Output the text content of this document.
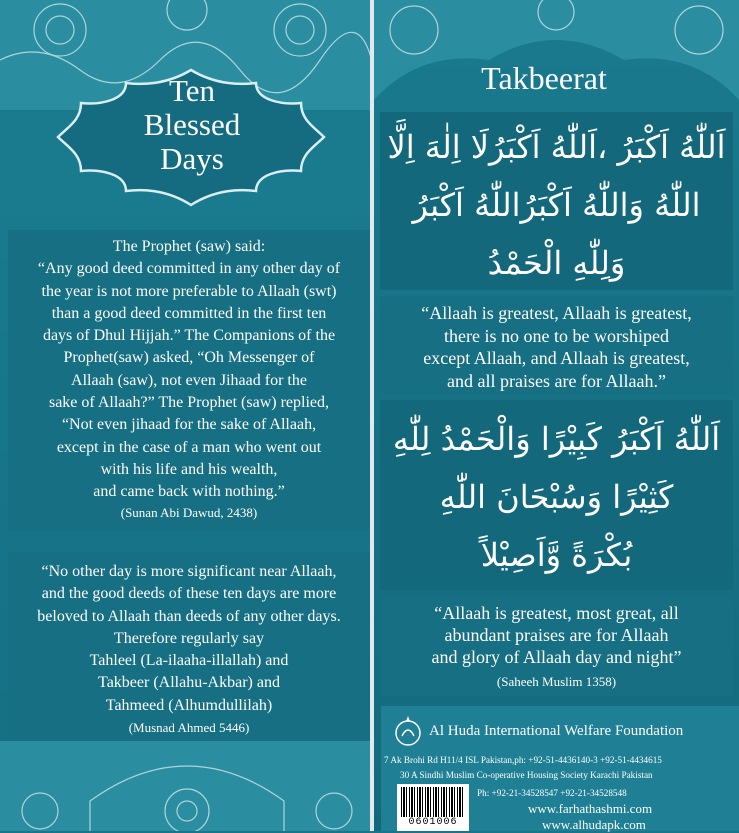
Ten
Blessed
Days
The Prophet (saw) said:
“Any good deed committed in any other day of
the year is not more preferable to Allaah (swt)
than a good deed committed in the first ten
days of Dhul Hijjah.” The Companions of the
Prophet(saw) asked, “Oh Messenger of
Allaah (saw), not even Jihaad for the
sake of Allaah?” The Prophet (saw) replied,
“Not even jihaad for the sake of Allaah,
except in the case of a man who went out
with his life and his wealth,
and came back with nothing.”
(Sunan Abi Dawud, 2438)
“No other day is more significant near Allaah,
and the good deeds of these ten days are more
beloved to Allaah than deeds of any other days.
Therefore regularly say
Tahleel (La-ilaaha-illallah) and
Takbeer (Allahu-Akbar) and
Tahmeed (Alhumdullilah)
(Musnad Ahmed 5446)
Takbeerat
اَللّٰهُ اَكْبَرُ ،اَللّٰهُ اَكْبَرُلَا اِلٰهَ اِلَّا
اللّٰهُ وَاللّٰهُ اَكْبَرُاللّٰهُ اَكْبَرُ
وَلِلّٰهِ الْحَمْدُ
“Allaah is greatest, Allaah is greatest,
there is no one to be worshiped
except Allaah, and Allaah is greatest,
and all praises are for Allaah.”
اَللّٰهُ اَكْبَرُ كَبِيْرًا وَالْحَمْدُ لِلّٰهِ
كَثِيْرًا وَسُبْحَانَ اللّٰهِ
بُكْرَةً وَّاَصِيْلاً
“Allaah is greatest, most great, all
abundant praises are for Allaah
and glory of Allaah day and night”
(Saheeh Muslim 1358)
Al Huda International Welfare Foundation
7 Ak Brohi Rd H11/4 ISL Pakistan,ph: +92-51-4436140-3 +92-51-4434615
30 A Sindhi Muslim Co-operative Housing Society Karachi Pakistan
0601006
Ph: +92-21-34528547 +92-21-34528548
www.farhathashmi.com
www.alhudapk.com
